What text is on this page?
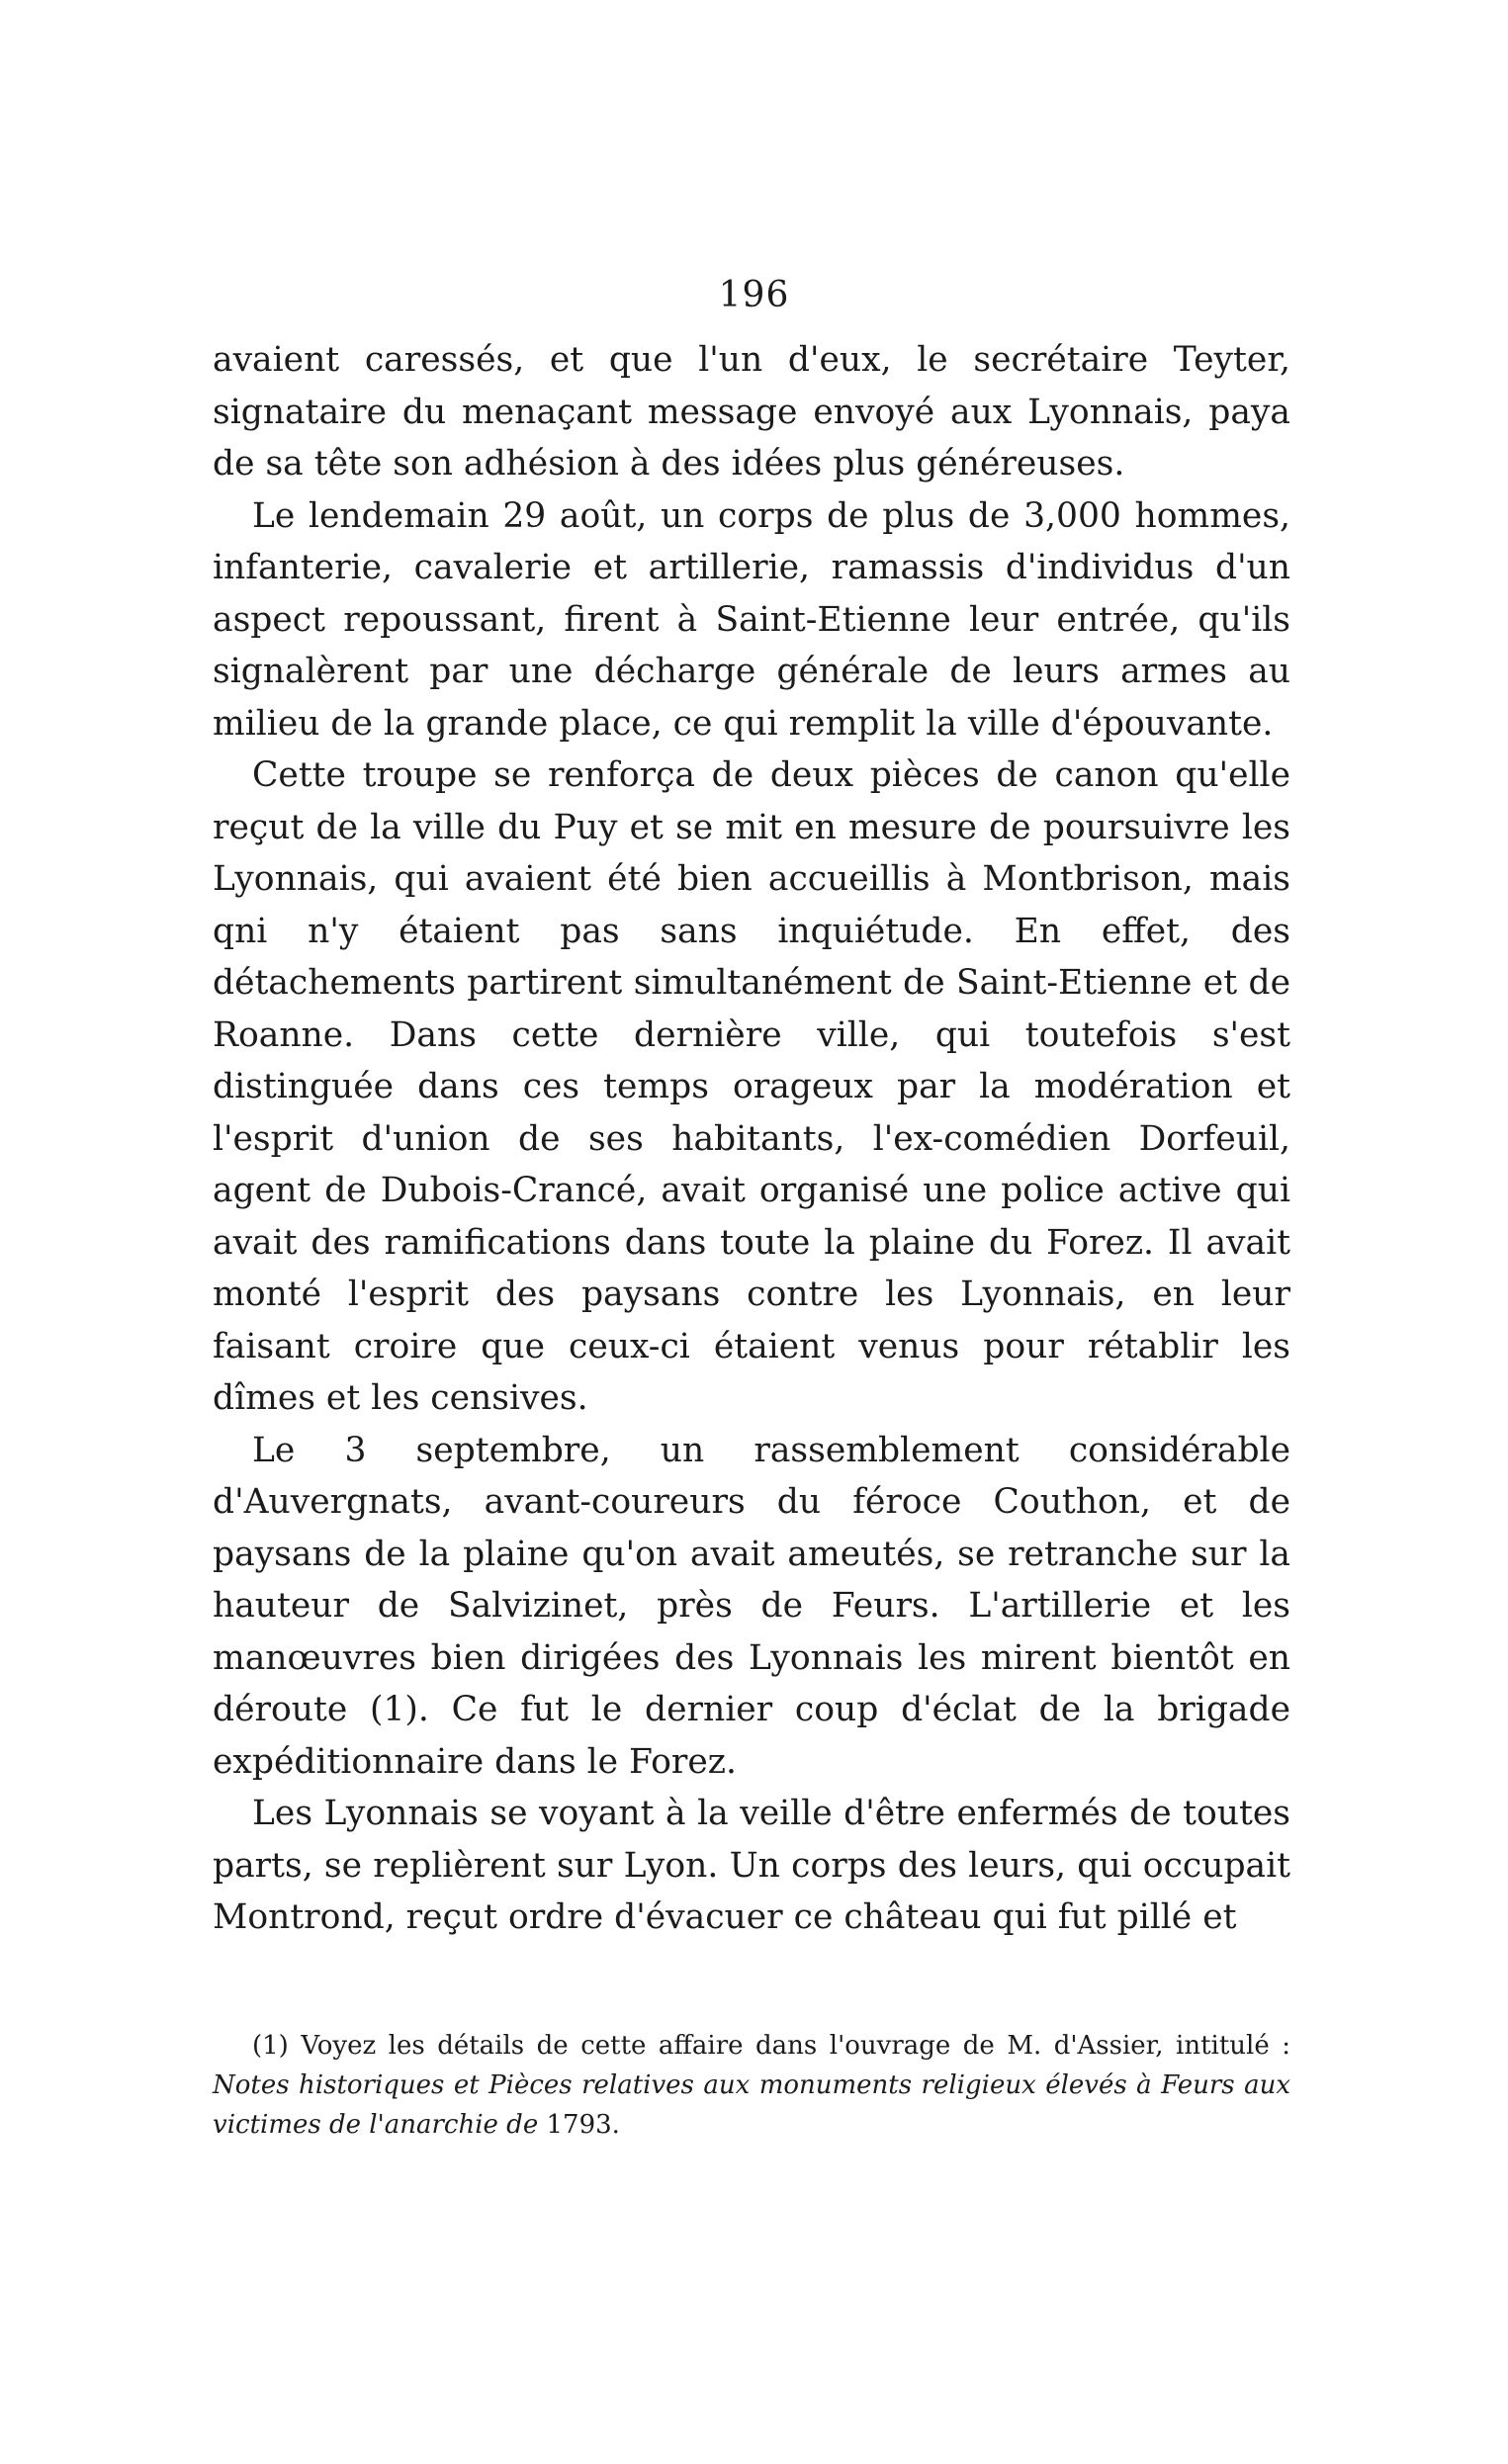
196

avaient caressés, et que l'un d'eux, le secrétaire Teyter, signataire du menaçant message envoyé aux Lyonnais, paya de sa tête son adhésion à des idées plus généreuses.

Le lendemain 29 août, un corps de plus de 3,000 hommes, infanterie, cavalerie et artillerie, ramassis d'individus d'un aspect repoussant, firent à Saint-Etienne leur entrée, qu'ils signalèrent par une décharge générale de leurs armes au milieu de la grande place, ce qui remplit la ville d'épouvante.

Cette troupe se renforça de deux pièces de canon qu'elle reçut de la ville du Puy et se mit en mesure de poursuivre les Lyonnais, qui avaient été bien accueillis à Montbrison, mais qni n'y étaient pas sans inquiétude. En effet, des détachements partirent simultanément de Saint-Etienne et de Roanne. Dans cette dernière ville, qui toutefois s'est distinguée dans ces temps orageux par la modération et l'esprit d'union de ses habitants, l'ex-comédien Dorfeuil, agent de Dubois-Crancé, avait organisé une police active qui avait des ramifications dans toute la plaine du Forez. Il avait monté l'esprit des paysans contre les Lyonnais, en leur faisant croire que ceux-ci étaient venus pour rétablir les dîmes et les censives.

Le 3 septembre, un rassemblement considérable d'Auvergnats, avant-coureurs du féroce Couthon, et de paysans de la plaine qu'on avait ameutés, se retranche sur la hauteur de Salvizinet, près de Feurs. L'artillerie et les manœuvres bien dirigées des Lyonnais les mirent bientôt en déroute (1). Ce fut le dernier coup d'éclat de la brigade expéditionnaire dans le Forez.

Les Lyonnais se voyant à la veille d'être enfermés de toutes parts, se replièrent sur Lyon. Un corps des leurs, qui occupait Montrond, reçut ordre d'évacuer ce château qui fut pillé et

(1) Voyez les détails de cette affaire dans l'ouvrage de M. d'Assier, intitulé : Notes historiques et Pièces relatives aux monuments religieux élevés à Feurs aux victimes de l'anarchie de 1793.
